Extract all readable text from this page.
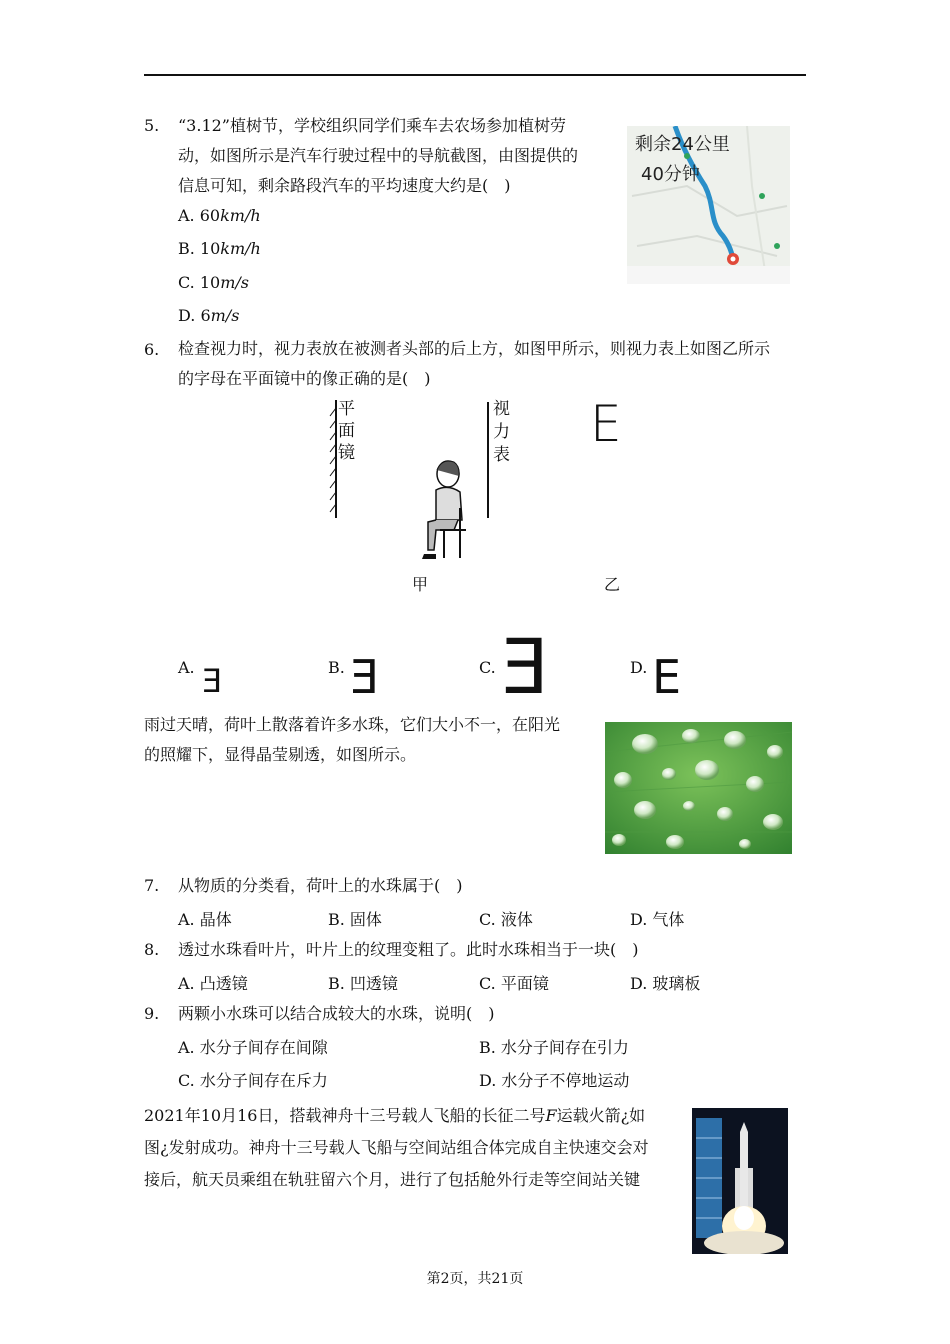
5. “3.12”植树节，学校组织同学们乘车去农场参加植树劳
动，如图所示是汽车行驶过程中的导航截图，由图提供的
信息可知，剩余路段汽车的平均速度大约是(　)
A. 60km/h
B. 10km/h
C. 10m/s
D. 6m/s
剩余24公里
40分钟
6. 检查视力时，视力表放在被测者头部的后上方，如图甲所示，则视力表上如图乙所示
的字母在平面镜中的像正确的是(　)
平
面
镜
视
力
表
E
甲	乙
A. E	B. E	C. E	D. E
雨过天晴，荷叶上散落着许多水珠，它们大小不一，在阳光
的照耀下，显得晶莹剔透，如图所示。
7. 从物质的分类看，荷叶上的水珠属于(　)
A. 晶体	B. 固体	C. 液体	D. 气体
8. 透过水珠看叶片，叶片上的纹理变粗了。此时水珠相当于一块(　)
A. 凸透镜	B. 凹透镜	C. 平面镜	D. 玻璃板
9. 两颗小水珠可以结合成较大的水珠，说明(　)
A. 水分子间存在间隙	B. 水分子间存在引力
C. 水分子间存在斥力	D. 水分子不停地运动
2021年10月16日，搭载神舟十三号载人飞船的长征二号F运载火箭¿如
图¿发射成功。神舟十三号载人飞船与空间站组合体完成自主快速交会对
接后，航天员乘组在轨驻留六个月，进行了包括舱外行走等空间站关键
第2页，共21页
